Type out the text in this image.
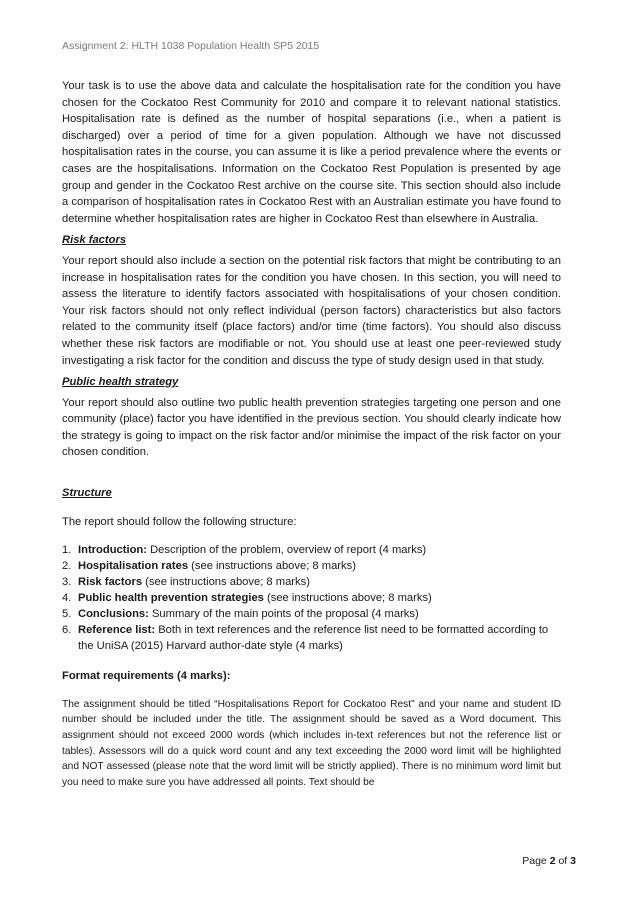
Assignment 2: HLTH 1038 Population Health SP5 2015

Your task is to use the above data and calculate the hospitalisation rate for the condition you have chosen for the Cockatoo Rest Community for 2010 and compare it to relevant national statistics. Hospitalisation rate is defined as the number of hospital separations (i.e., when a patient is discharged) over a period of time for a given population. Although we have not discussed hospitalisation rates in the course, you can assume it is like a period prevalence where the events or cases are the hospitalisations. Information on the Cockatoo Rest Population is presented by age group and gender in the Cockatoo Rest archive on the course site. This section should also include a comparison of hospitalisation rates in Cockatoo Rest with an Australian estimate you have found to determine whether hospitalisation rates are higher in Cockatoo Rest than elsewhere in Australia.

Risk factors

Your report should also include a section on the potential risk factors that might be contributing to an increase in hospitalisation rates for the condition you have chosen. In this section, you will need to assess the literature to identify factors associated with hospitalisations of your chosen condition. Your risk factors should not only reflect individual (person factors) characteristics but also factors related to the community itself (place factors) and/or time (time factors). You should also discuss whether these risk factors are modifiable or not. You should use at least one peer-reviewed study investigating a risk factor for the condition and discuss the type of study design used in that study.

Public health strategy

Your report should also outline two public health prevention strategies targeting one person and one community (place) factor you have identified in the previous section. You should clearly indicate how the strategy is going to impact on the risk factor and/or minimise the impact of the risk factor on your chosen condition.

Structure

The report should follow the following structure:

1. Introduction: Description of the problem, overview of report (4 marks)
2. Hospitalisation rates (see instructions above; 8 marks)
3. Risk factors (see instructions above; 8 marks)
4. Public health prevention strategies (see instructions above; 8 marks)
5. Conclusions: Summary of the main points of the proposal (4 marks)
6. Reference list: Both in text references and the reference list need to be formatted according to the UniSA (2015) Harvard author-date style (4 marks)
Format requirements (4 marks):

The assignment should be titled “Hospitalisations Report for Cockatoo Rest” and your name and student ID number should be included under the title. The assignment should be saved as a Word document. This assignment should not exceed 2000 words (which includes in-text references but not the reference list or tables). Assessors will do a quick word count and any text exceeding the 2000 word limit will be highlighted and NOT assessed (please note that the word limit will be strictly applied). There is no minimum word limit but you need to make sure you have addressed all points. Text should be

Page 2 of 3
